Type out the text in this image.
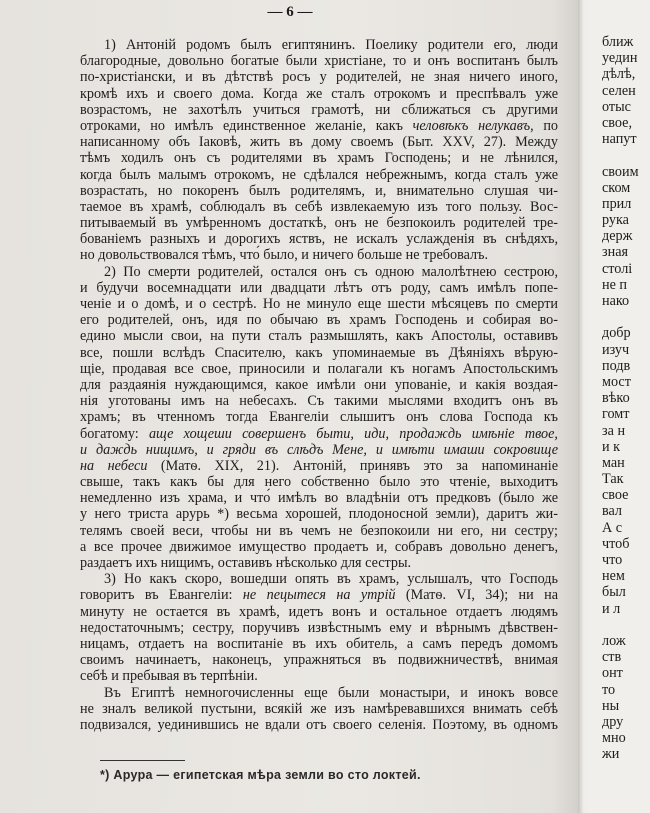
— 6 —
1) Антоній родомъ былъ египтянинъ. Поелику родители его, люди
благородные, довольно богатые были христіане, то и онъ воспитанъ былъ
по-христіански, и въ дѣтствѣ росъ у родителей, не зная ничего иного,
кромѣ ихъ и своего дома. Когда же сталъ отрокомъ и преспѣвалъ уже
возрастомъ, не захотѣлъ учиться грамотѣ, ни сближаться съ другими
отроками, но имѣлъ единственное желаніе, какъ человѣкъ нелукавъ, по
написанному объ Іаковѣ, жить въ дому своемъ (Быт. XXV, 27). Между
тѣмъ ходилъ онъ съ родителями въ храмъ Господень; и не лѣнился,
когда былъ малымъ отрокомъ, не сдѣлался небрежнымъ, когда сталъ уже
возрастать, но покоренъ былъ родителямъ, и, внимательно слушая чи-
таемое въ храмѣ, соблюдалъ въ себѣ извлекаемую изъ того пользу. Вос-
питываемый въ умѣренномъ достаткѣ, онъ не безпокоилъ родителей тре-
бованіемъ разныхъ и дорогихъ яствъ, не искалъ услажденія въ снѣдяхъ,
но довольствовался тѣмъ, что́ было, и ничего больше не требовалъ.
2) По смерти родителей, остался онъ съ одною малолѣтнею сестрою,
и будучи восемнадцати или двадцати лѣтъ отъ роду, самъ имѣлъ попе-
ченіе и о домѣ, и о сестрѣ. Но не минуло еще шести мѣсяцевъ по смерти
его родителей, онъ, идя по обычаю въ храмъ Господень и собирая во-
едино мысли свои, на пути сталъ размышлять, какъ Апостолы, оставивъ
все, пошли вслѣдъ Спасителю, какъ упоминаемые въ Дѣяніяхъ вѣрую-
щіе, продавая все свое, приносили и полагали къ ногамъ Апостольскимъ
для раздаянія нуждающимся, какое имѣли они упованіе, и какія воздая-
нія уготованы имъ на небесахъ. Съ такими мыслями входитъ онъ въ
храмъ; въ чтенномъ тогда Евангеліи слышитъ онъ слова Господа къ
богатому: аще хощеши совершенъ быти, иди, продаждь имѣніе твое,
и даждь нищимъ, и гряди въ слѣдъ Мене, и имѣти имаши сокровище
на небеси (Матѳ. XIX, 21). Антоній, принявъ это за напоминаніе
свыше, такъ какъ бы для него собственно было это чтеніе, выходитъ
немедленно изъ храма, и что́ имѣлъ во владѣніи отъ предковъ (было же
у него триста арурь *) весьма хорошей, плодоносной земли), даритъ жи-
телямъ своей веси, чтобы ни въ чемъ не безпокоили ни его, ни сестру;
а все прочее движимое имущество продаетъ и, собравъ довольно денегъ,
раздаетъ ихъ нищимъ, оставивъ нѣсколько для сестры.
3) Но какъ скоро, вошедши опять въ храмъ, услышалъ, что Господь
говоритъ въ Евангеліи: не пецытеся на утрій (Матѳ. VI, 34); ни на
минуту не остается въ храмѣ, идетъ вонъ и остальное отдаетъ людямъ
недостаточнымъ; сестру, поручивъ извѣстнымъ ему и вѣрнымъ дѣвствен-
ницамъ, отдаетъ на воспитаніе въ ихъ обитель, а самъ передъ домомъ
своимъ начинаетъ, наконецъ, упражняться въ подвижничествѣ, внимая
себѣ и пребывая въ терпѣніи.
Въ Египтѣ немногочисленны еще были монастыри, и инокъ вовсе
не зналъ великой пустыни, всякій же изъ намѣревавшихся внимать себѣ
подвизался, уединившись не вдали отъ своего селенія. Поэтому, въ одномъ
*) Арура — египетская мѣра земли во сто локтей.
ближ
уедин
дѣлѣ,
селен
отыс
свое,
напут
своим
ском
прил
рука
держ
зная
столі
не п
нако
добр
изуч
подв
мост
вѣко
гомт
за н
и к
ман
Так
свое
вал
А с
чтоб
что
нем
был
и л
лож
ств
онт
то
ны
дру
мно
жи
